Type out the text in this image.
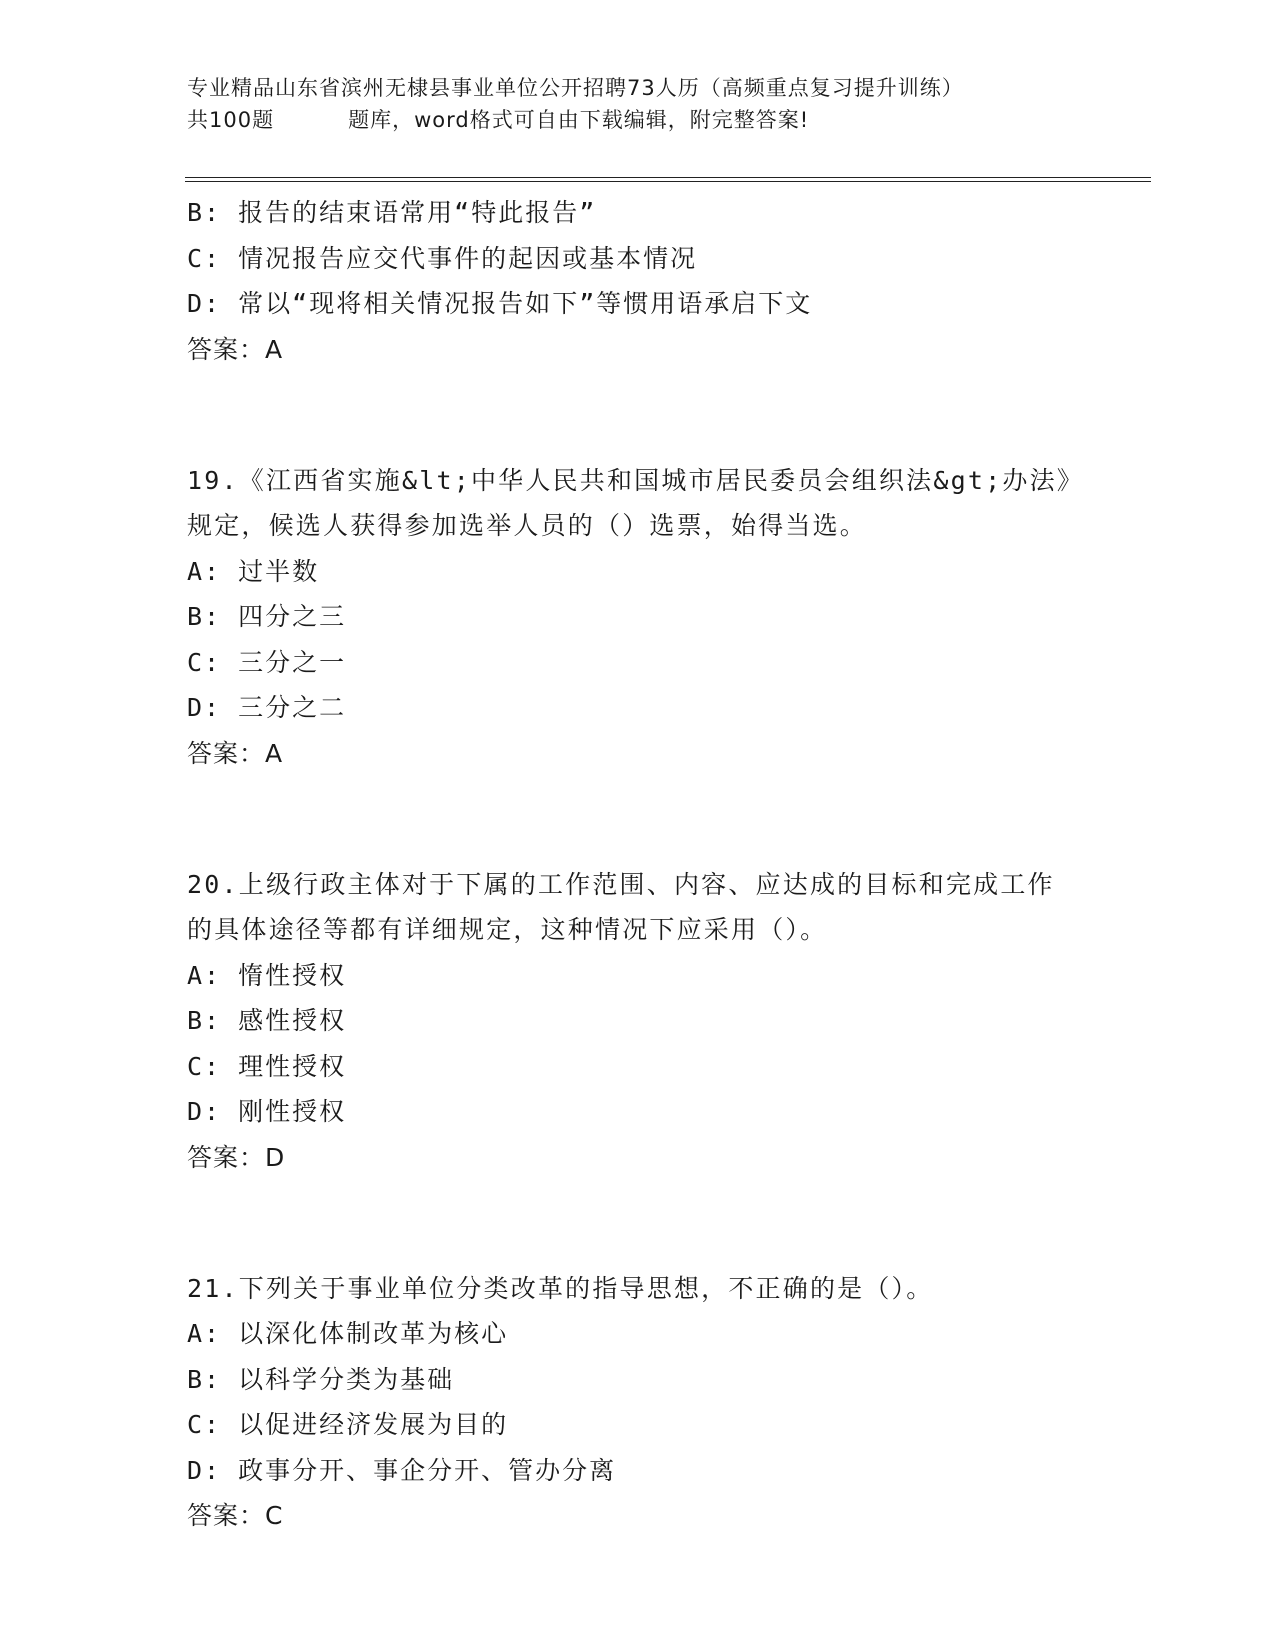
专业精品山东省滨州无棣县事业单位公开招聘73人历（高频重点复习提升训练）
共100题	题库，word格式可自由下载编辑，附完整答案!
B: 报告的结束语常用“特此报告”
C: 情况报告应交代事件的起因或基本情况
D: 常以“现将相关情况报告如下”等惯用语承启下文
答案：A
19.《江西省实施&lt;中华人民共和国城市居民委员会组织法&gt;办法》规定，候选人获得参加选举人员的（）选票，始得当选。
A: 过半数
B: 四分之三
C: 三分之一
D: 三分之二
答案：A
20.上级行政主体对于下属的工作范围、内容、应达成的目标和完成工作的具体途径等都有详细规定，这种情况下应采用（）。
A: 惰性授权
B: 感性授权
C: 理性授权
D: 刚性授权
答案：D
21.下列关于事业单位分类改革的指导思想，不正确的是（）。
A: 以深化体制改革为核心
B: 以科学分类为基础
C: 以促进经济发展为目的
D: 政事分开、事企分开、管办分离
答案：C
